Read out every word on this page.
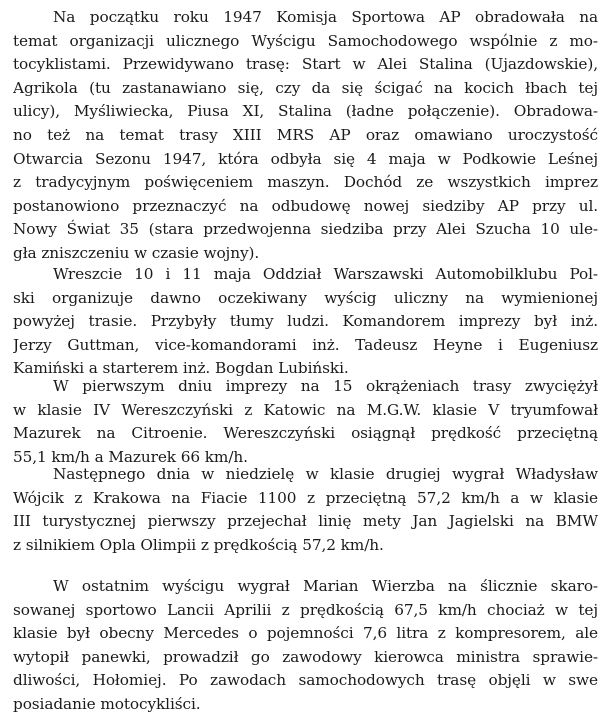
Na początku roku 1947 Komisja Sportowa AP obradowała na
temat organizacji ulicznego Wyścigu Samochodowego wspólnie z mo-
tocyklistami. Przewidywano trasę: Start w Alei Stalina (Ujazdowskie),
Agrikola (tu zastanawiano się, czy da się ścigać na kocich łbach tej
ulicy), Myśliwiecka, Piusa XI, Stalina (ładne połączenie). Obradowa-
no też na temat trasy XIII MRS AP oraz omawiano uroczystość
Otwarcia Sezonu 1947, która odbyła się 4 maja w Podkowie Leśnej
z tradycyjnym poświęceniem maszyn. Dochód ze wszystkich imprez
postanowiono przeznaczyć na odbudowę nowej siedziby AP przy ul.
Nowy Świat 35 (stara przedwojenna siedziba przy Alei Szucha 10 ule-
gła zniszczeniu w czasie wojny).

Wreszcie 10 i 11 maja Oddział Warszawski Automobilklubu Pol-
ski organizuje dawno oczekiwany wyścig uliczny na wymienionej
powyżej trasie. Przybyły tłumy ludzi. Komandorem imprezy był inż.
Jerzy Guttman, vice-komandorami inż. Tadeusz Heyne i Eugeniusz
Kamiński a starterem inż. Bogdan Lubiński.

W pierwszym dniu imprezy na 15 okrążeniach trasy zwyciężył
w klasie IV Wereszczyński z Katowic na M.G.W. klasie V tryumfował
Mazurek na Citroenie. Wereszczyński osiągnął prędkość przeciętną
55,1 km/h a Mazurek 66 km/h.

Następnego dnia w niedzielę w klasie drugiej wygrał Władysław
Wójcik z Krakowa na Fiacie 1100 z przeciętną 57,2 km/h a w klasie
III turystycznej pierwszy przejechał linię mety Jan Jagielski na BMW
z silnikiem Opla Olimpii z prędkością 57,2 km/h.

W ostatnim wyścigu wygrał Marian Wierzba na ślicznie skaro-
sowanej sportowo Lancii Aprilii z prędkością 67,5 km/h chociaż w tej
klasie był obecny Mercedes o pojemności 7,6 litra z kompresorem, ale
wytopił panewki, prowadził go zawodowy kierowca ministra sprawie-
dliwości, Hołomiej. Po zawodach samochodowych trasę objęli w swe
posiadanie motocykliści.
